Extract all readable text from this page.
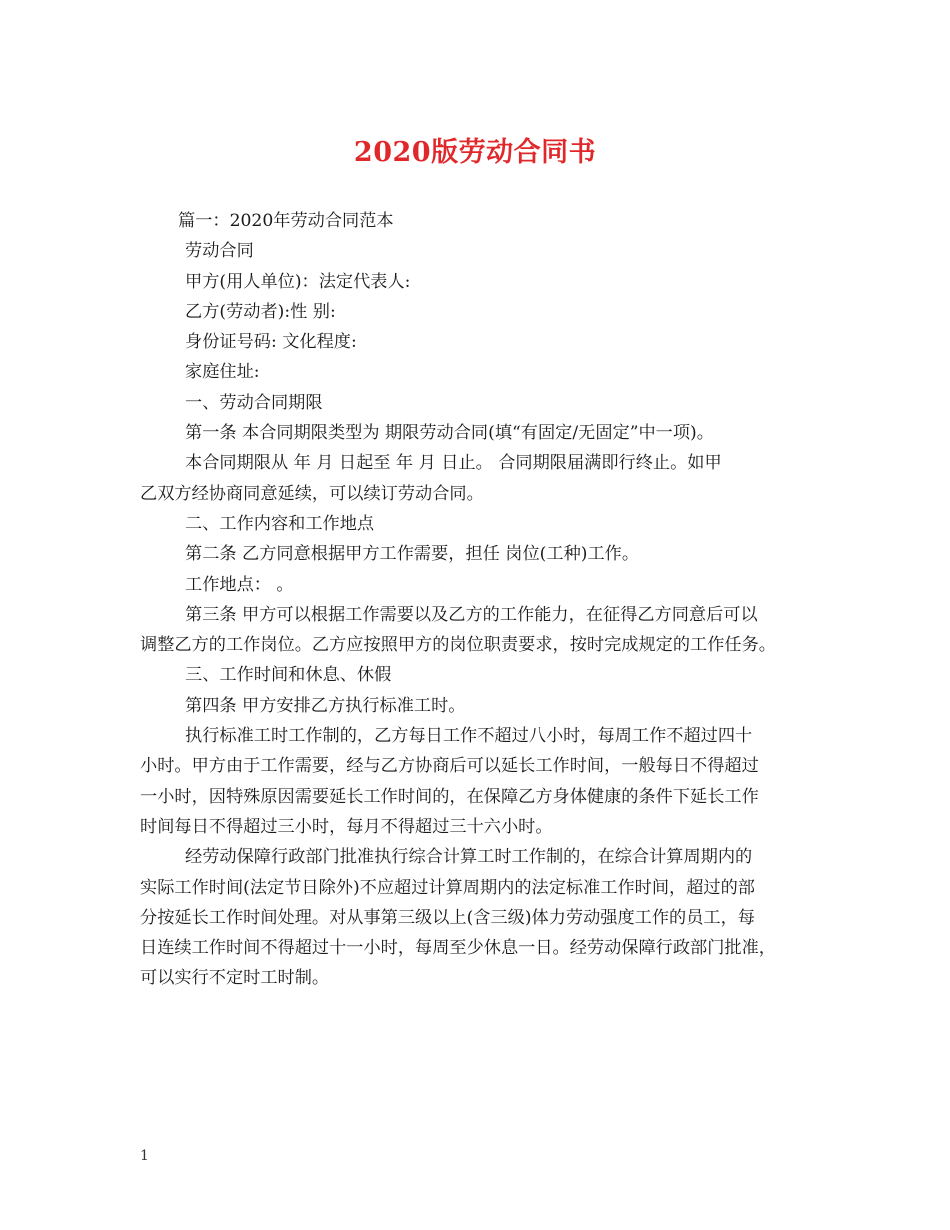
2020版劳动合同书
篇一：2020年劳动合同范本
劳动合同
甲方(用人单位)：法定代表人:
乙方(劳动者):性 别:
身份证号码: 文化程度:
家庭住址:
一、劳动合同期限
第一条 本合同期限类型为 期限劳动合同(填“有固定/无固定”中一项)。
本合同期限从 年 月 日起至 年 月 日止。 合同期限届满即行终止。如甲
乙双方经协商同意延续，可以续订劳动合同。
二、工作内容和工作地点
第二条 乙方同意根据甲方工作需要，担任 岗位(工种)工作。
工作地点： 。
第三条 甲方可以根据工作需要以及乙方的工作能力，在征得乙方同意后可以
调整乙方的工作岗位。乙方应按照甲方的岗位职责要求，按时完成规定的工作任务。
三、工作时间和休息、休假
第四条 甲方安排乙方执行标准工时。
执行标准工时工作制的，乙方每日工作不超过八小时，每周工作不超过四十
小时。甲方由于工作需要，经与乙方协商后可以延长工作时间，一般每日不得超过
一小时，因特殊原因需要延长工作时间的，在保障乙方身体健康的条件下延长工作
时间每日不得超过三小时，每月不得超过三十六小时。
经劳动保障行政部门批准执行综合计算工时工作制的，在综合计算周期内的
实际工作时间(法定节日除外)不应超过计算周期内的法定标准工作时间，超过的部
分按延长工作时间处理。对从事第三级以上(含三级)体力劳动强度工作的员工，每
日连续工作时间不得超过十一小时，每周至少休息一日。经劳动保障行政部门批准，
可以实行不定时工时制。
1
